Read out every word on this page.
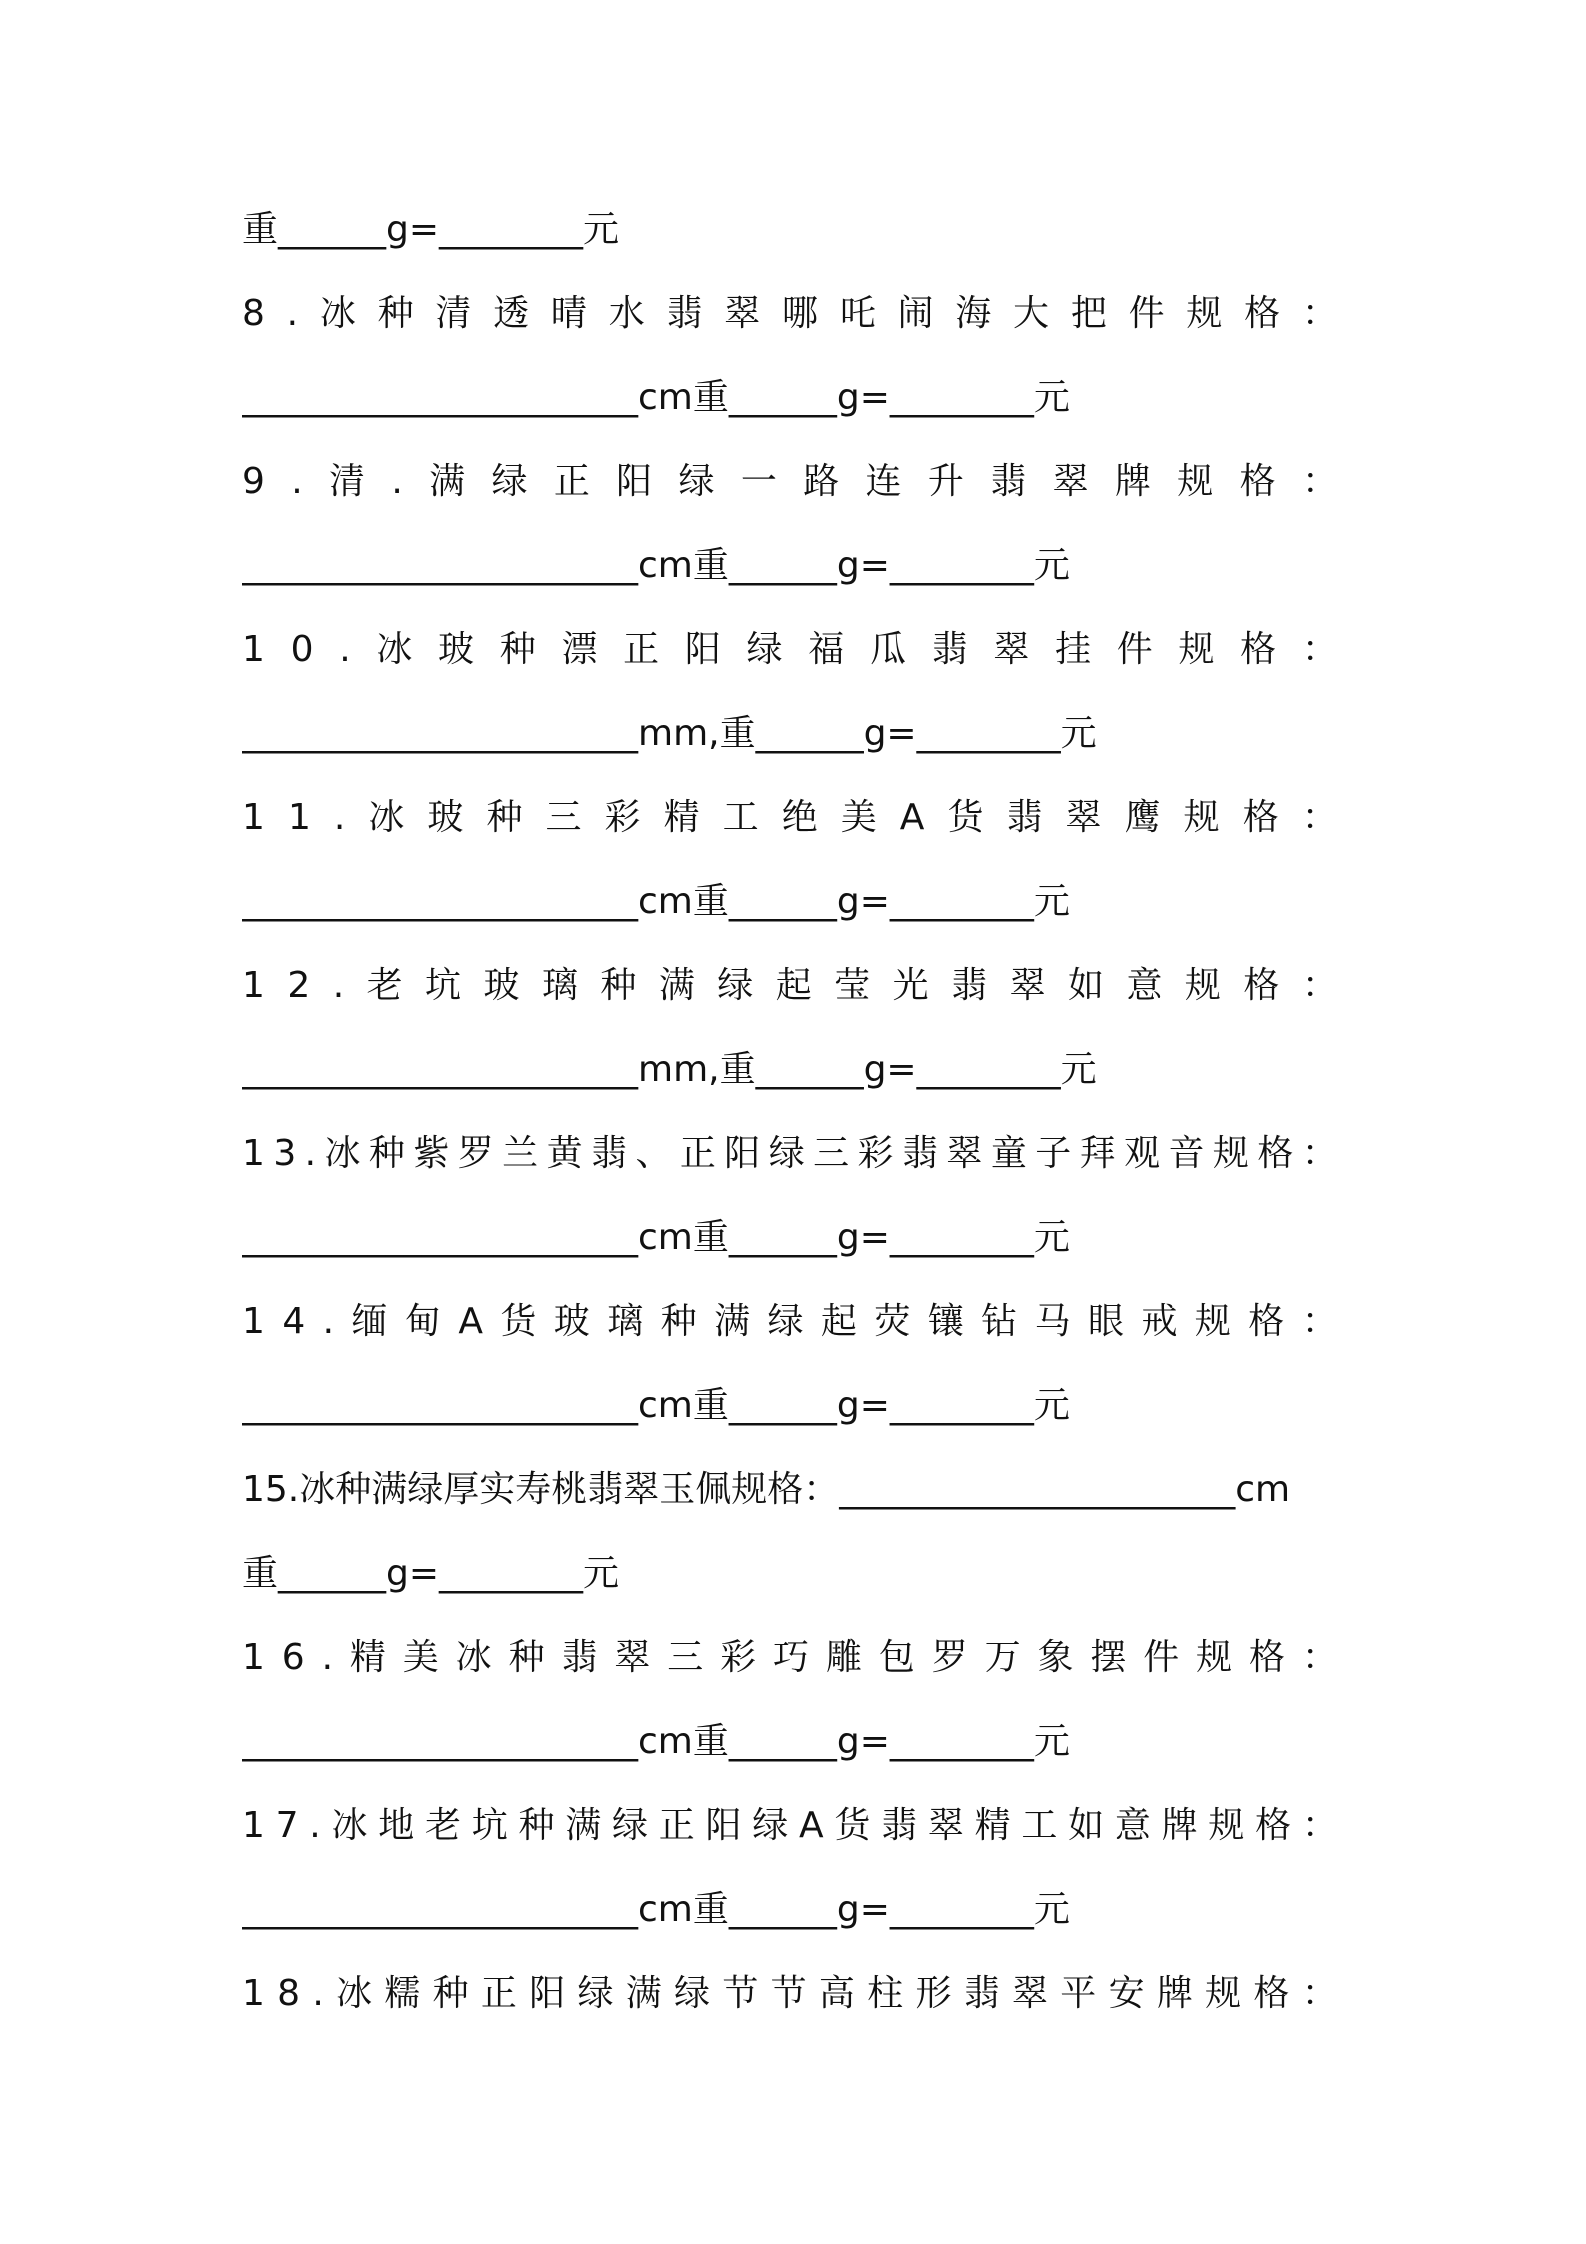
重______g=________元
8 . 冰 种 清 透 晴 水 翡 翠 哪 吒 闹 海 大 把 件 规 格 ：
______________________cm重______g=________元
9 . 清 . 满 绿 正 阳 绿 一 路 连 升 翡 翠 牌 规 格 ：
______________________cm重______g=________元
1 0 . 冰 玻 种 漂 正 阳 绿 福 瓜 翡 翠 挂 件 规 格 ：
______________________mm,重______g=________元
1 1 . 冰 玻 种 三 彩 精 工 绝 美 A 货 翡 翠 鹰 规 格 ：
______________________cm重______g=________元
1 2 . 老 坑 玻 璃 种 满 绿 起 莹 光 翡 翠 如 意 规 格 ：
______________________mm,重______g=________元
1 3 . 冰 种 紫 罗 兰 黄 翡 、 正 阳 绿 三 彩 翡 翠 童 子 拜 观 音 规 格 ：
______________________cm重______g=________元
1 4 . 缅 甸 A 货 玻 璃 种 满 绿 起 荧 镶 钻 马 眼 戒 规 格 ：
______________________cm重______g=________元
15.冰种满绿厚实寿桃翡翠玉佩规格：______________________cm
重______g=________元
1 6 . 精 美 冰 种 翡 翠 三 彩 巧 雕 包 罗 万 象 摆 件 规 格 ：
______________________cm重______g=________元
1 7 . 冰 地 老 坑 种 满 绿 正 阳 绿 A 货 翡 翠 精 工 如 意 牌 规 格 ：
______________________cm重______g=________元
1 8 . 冰 糯 种 正 阳 绿 满 绿 节 节 高 柱 形 翡 翠 平 安 牌 规 格 ：
